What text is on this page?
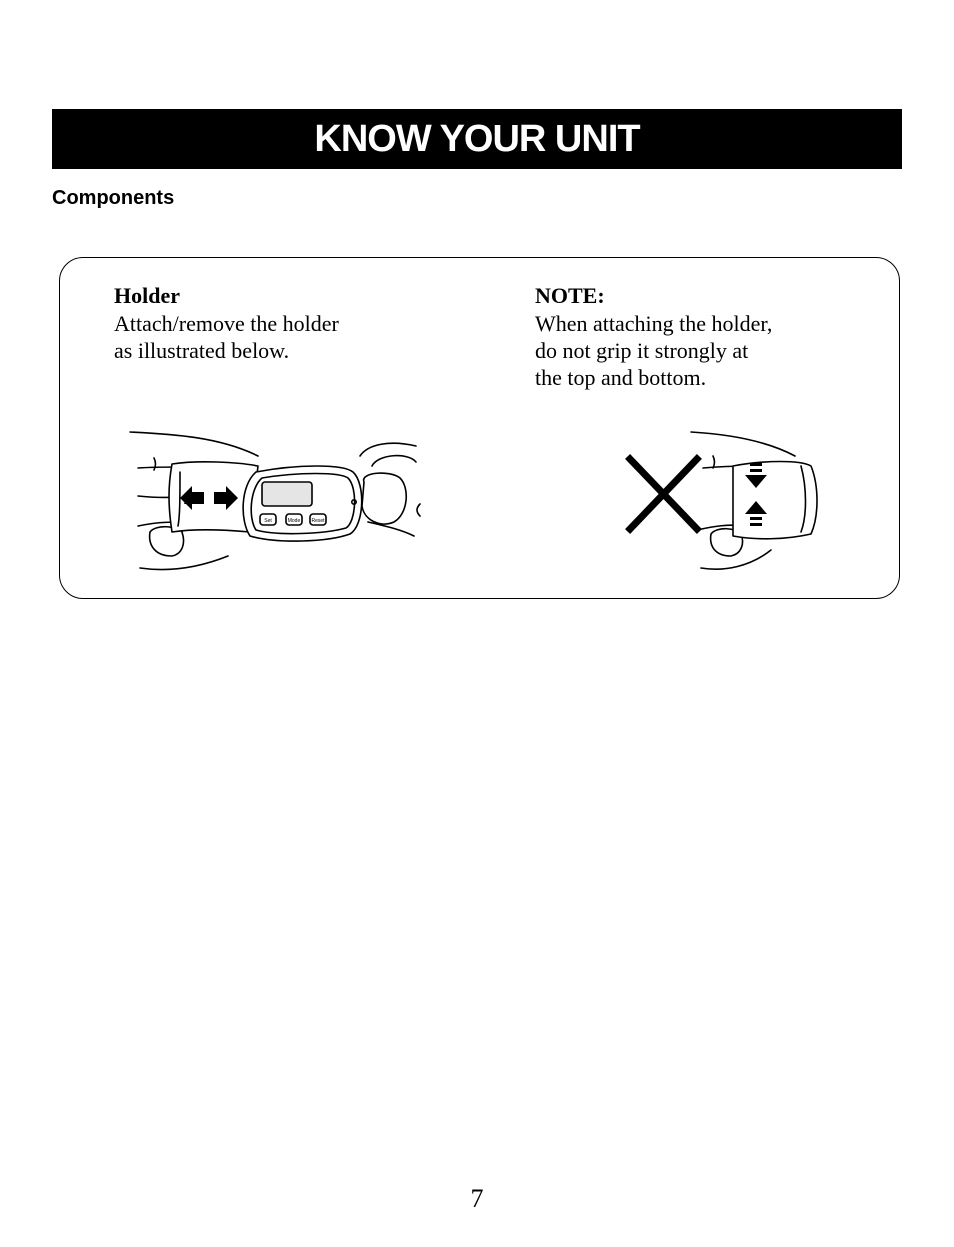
KNOW YOUR UNIT
Components
Holder
Attach/remove the holder
as illustrated below.
NOTE:
When attaching the holder,
do not grip it strongly at
the top and bottom.
Set	Mode Reset
7
